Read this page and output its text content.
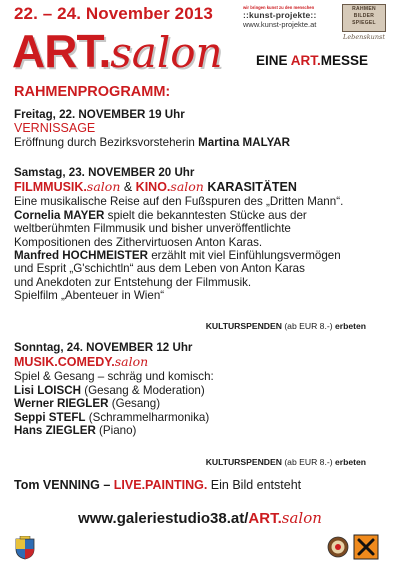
22. – 24. November 2013	wir bringen kunst zu den menschen
::kunst-projekte::
www.kunst-projekte.at
RAHMEN
BILDER
SPIEGEL
Lebenskunst
ART.salon EINE ART.MESSE
RAHMENPROGRAMM:
Freitag, 22. NOVEMBER 19 Uhr
VERNISSAGE
Eröffnung durch Bezirksvorsteherin Martina MALYAR
Samstag, 23. NOVEMBER 20 Uhr
FILMMUSIK.salon & KINO.salon KARASITÄTEN
Eine musikalische Reise auf den Fußspuren des „Dritten Mann“.
Cornelia MAYER spielt die bekanntesten Stücke aus der
weltberühmten Filmmusik und bisher unveröffentlichte
Kompositionen des Zithervirtuosen Anton Karas.
Manfred HOCHMEISTER erzählt mit viel Einfühlungsvermögen
und Esprit „G'schichtln“ aus dem Leben von Anton Karas
und Anekdoten zur Entstehung der Filmmusik.
Spielfilm „Abenteuer in Wien“
KULTURSPENDEN (ab EUR 8.-) erbeten
Sonntag, 24. NOVEMBER 12 Uhr
MUSIK.COMEDY.salon
Spiel & Gesang – schräg und komisch:
Lisi LOISCH (Gesang & Moderation)
Werner RIEGLER (Gesang)
Seppi STEFL (Schrammelharmonika)
Hans ZIEGLER (Piano)
KULTURSPENDEN (ab EUR 8.-) erbeten
Tom VENNING – LIVE.PAINTING. Ein Bild entsteht
www.galeriestudio38.at/ART.salon
